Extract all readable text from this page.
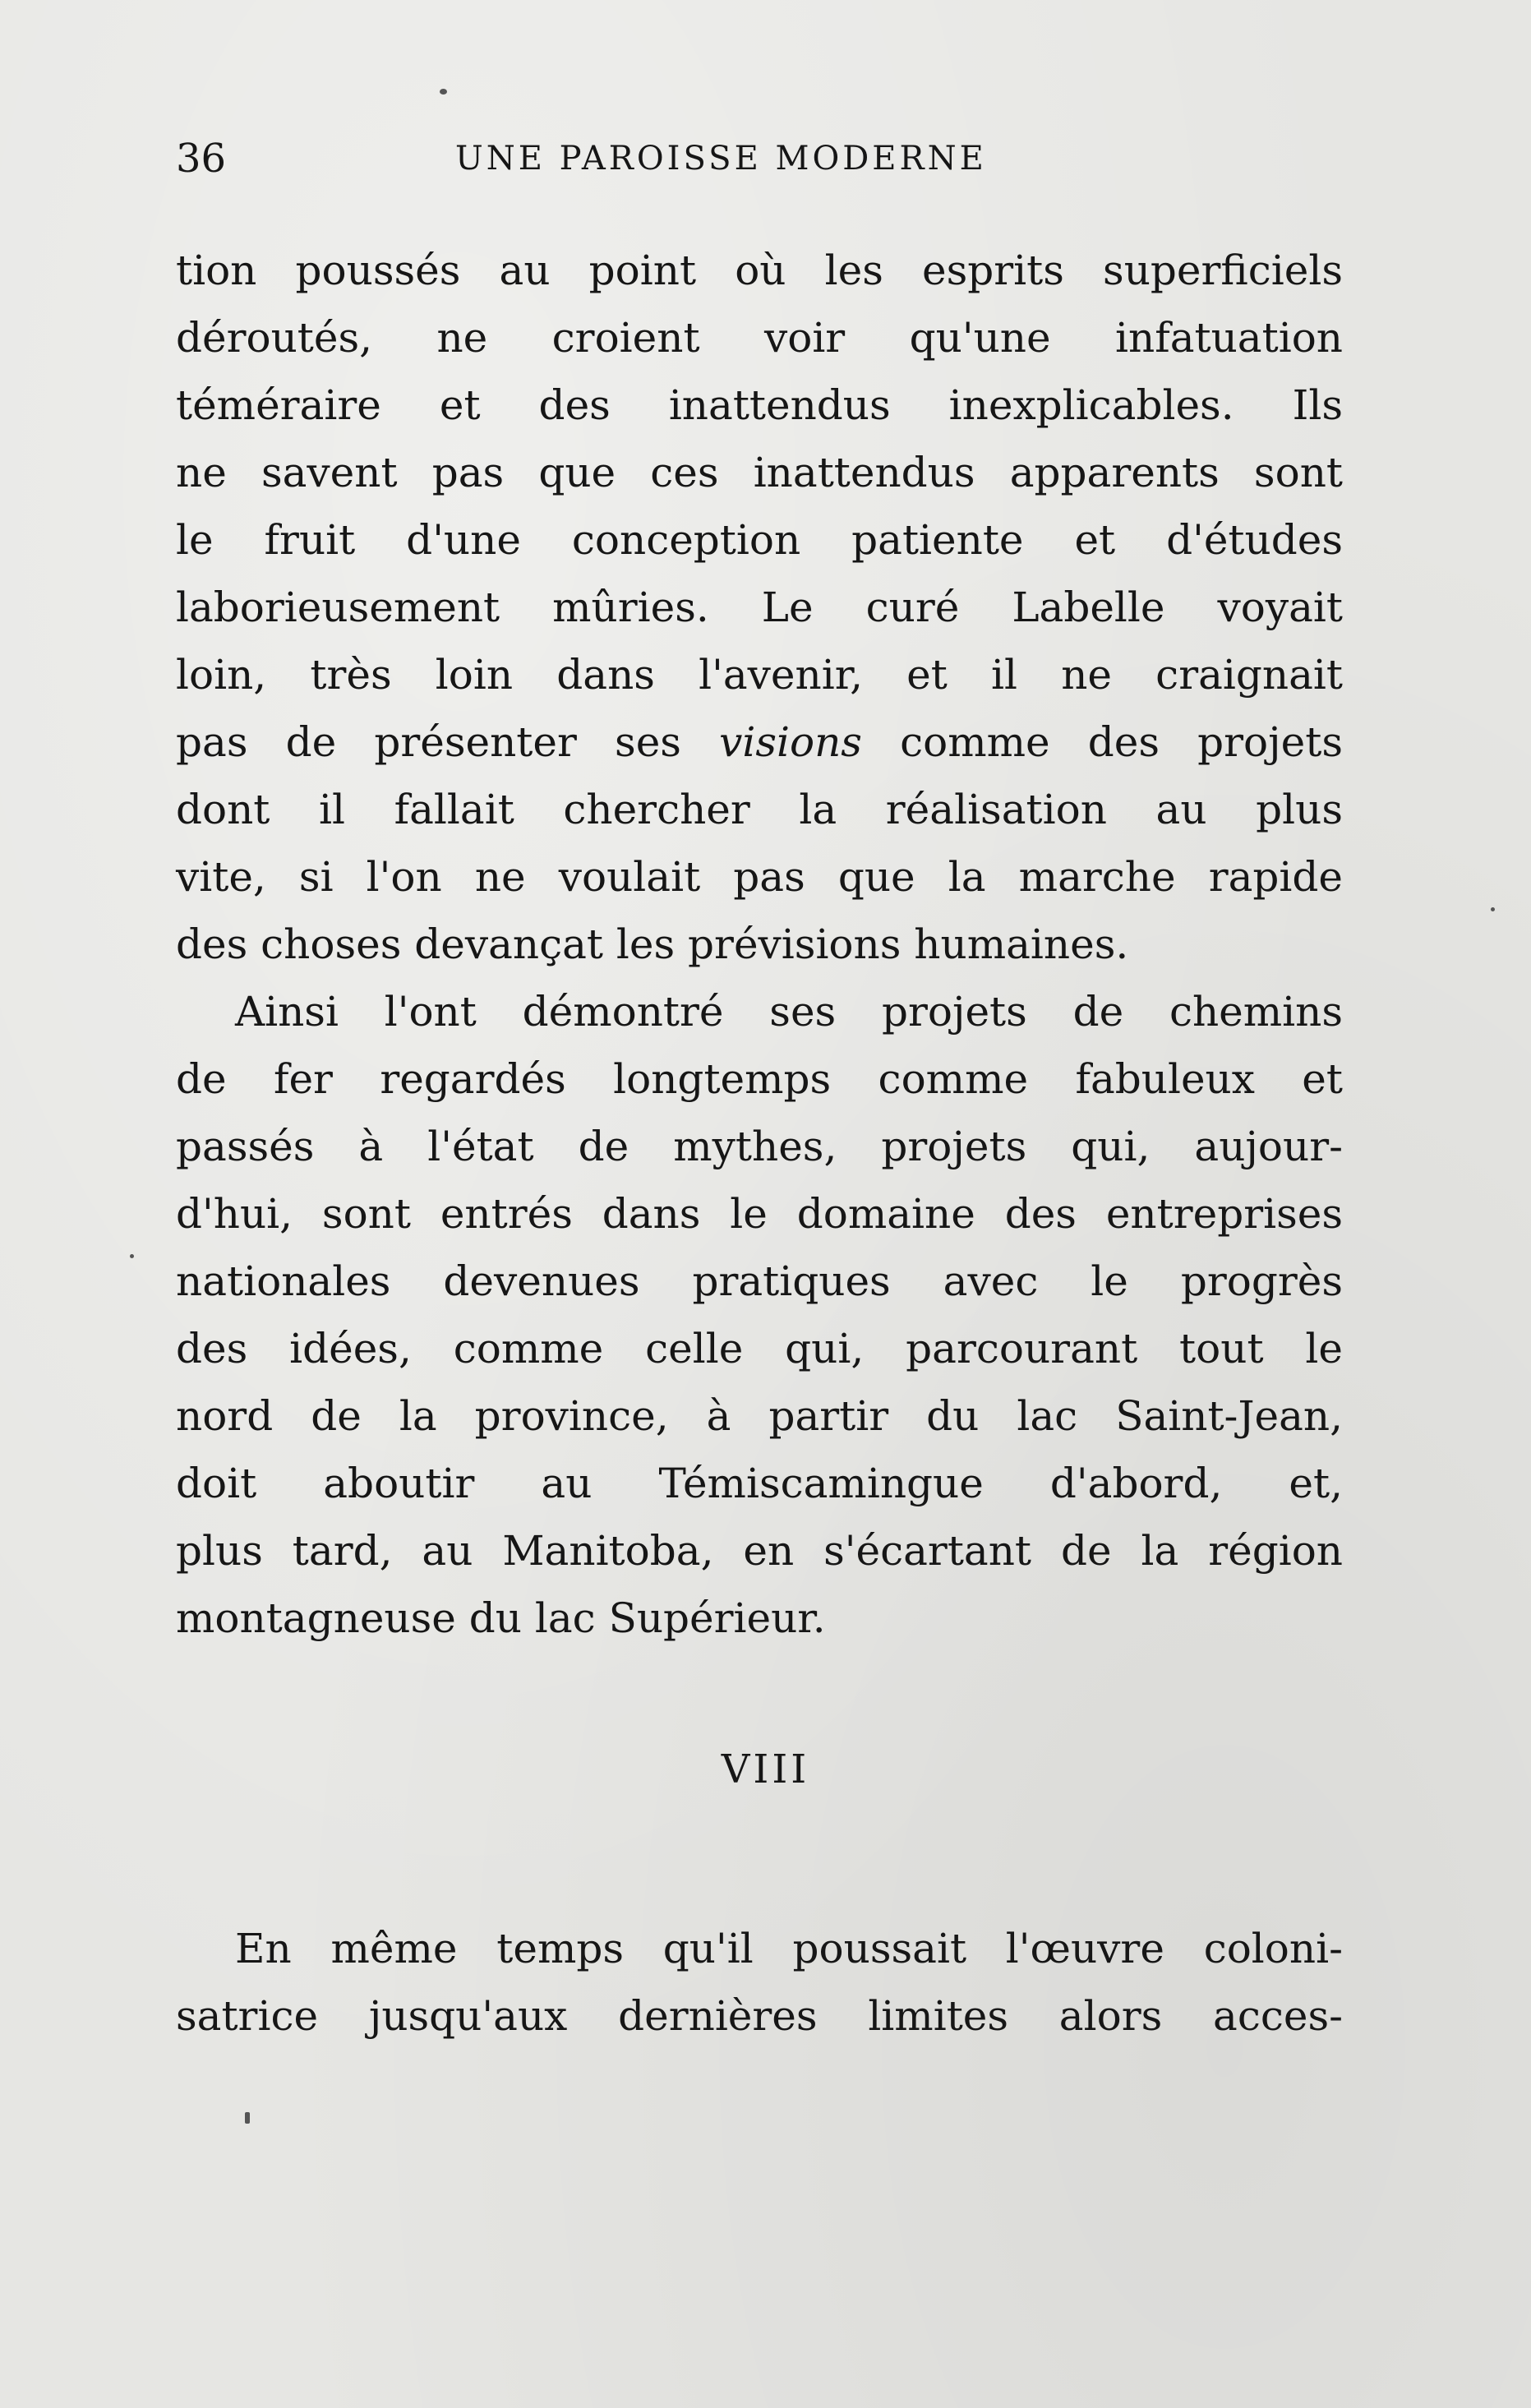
36	UNE PAROISSE MODERNE
tion poussés au point où les esprits superficiels
déroutés, ne croient voir qu'une infatuation
téméraire et des inattendus inexplicables. Ils
ne savent pas que ces inattendus apparents sont
le fruit d'une conception patiente et d'études
laborieusement mûries. Le curé Labelle voyait
loin, très loin dans l'avenir, et il ne craignait
pas de présenter ses visions comme des projets
dont il fallait chercher la réalisation au plus
vite, si l'on ne voulait pas que la marche rapide
des choses devançat les prévisions humaines.
Ainsi l'ont démontré ses projets de chemins
de fer regardés longtemps comme fabuleux et
passés à l'état de mythes, projets qui, aujour-
d'hui, sont entrés dans le domaine des entreprises
nationales devenues pratiques avec le progrès
des idées, comme celle qui, parcourant tout le
nord de la province, à partir du lac Saint-Jean,
doit aboutir au Témiscamingue d'abord, et,
plus tard, au Manitoba, en s'écartant de la région
montagneuse du lac Supérieur.
VIII
En même temps qu'il poussait l'œuvre coloni-
satrice jusqu'aux dernières limites alors acces-
